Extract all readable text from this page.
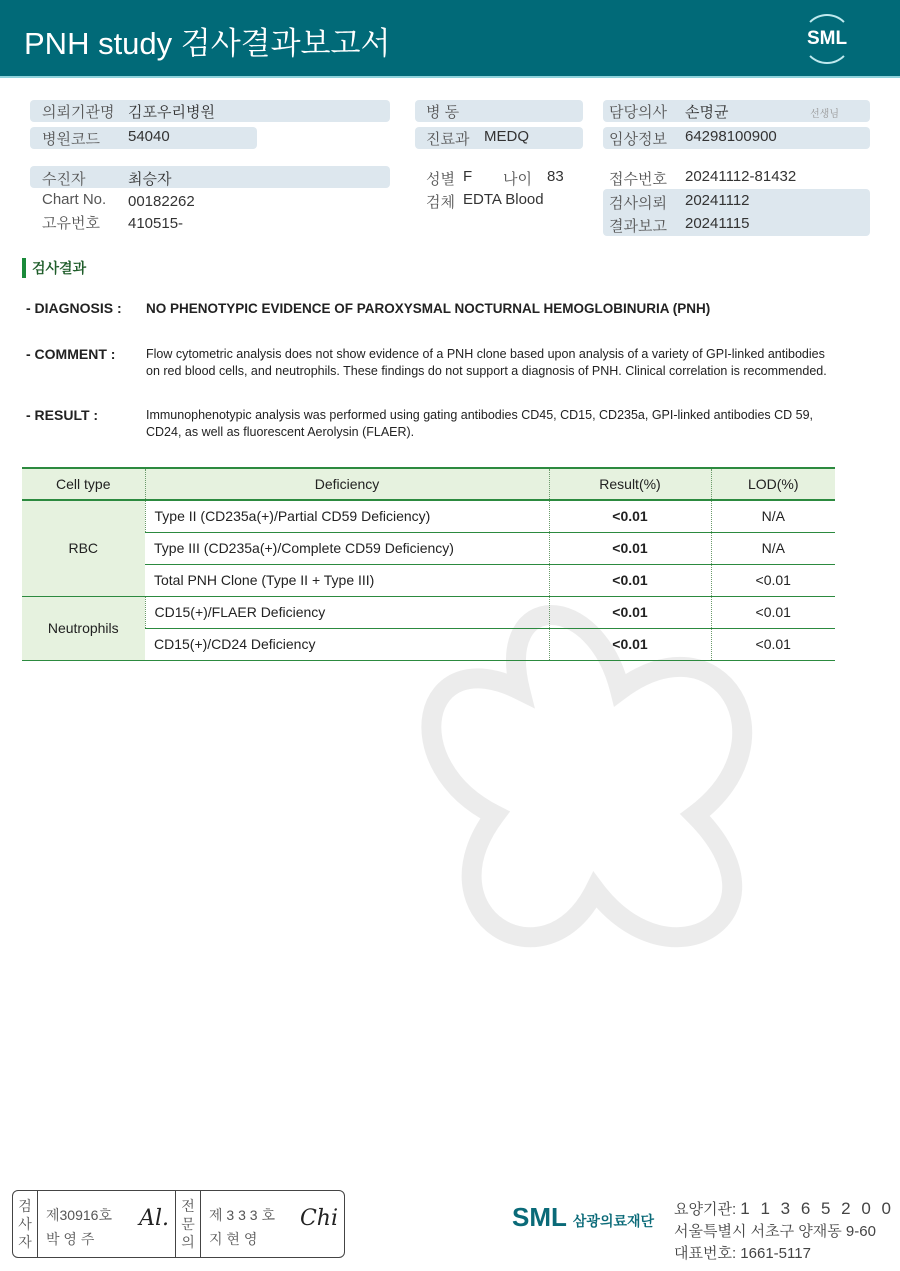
PNH study 검사결과보고서	SML
의뢰기관명 김포우리병원
병원코드 54040
병 동
진료과 MEDQ
담당의사 손명균	선생님
임상정보 64298100900
수진자	최승자
Chart No. 00182262
고유번호 410515-
성별 F 나이 83
검체 EDTA Blood
접수번호 20241112-81432
검사의뢰 20241112
결과보고 20241115
검사결과
- DIAGNOSIS : NO PHENOTYPIC EVIDENCE OF PAROXYSMAL NOCTURNAL HEMOGLOBINURIA (PNH)
- COMMENT : Flow cytometric analysis does not show evidence of a PNH clone based upon analysis of a variety of GPI-linked antibodies on red blood cells, and neutrophils. These findings do not support a diagnosis of PNH. Clinical correlation is recommended.
- RESULT :	Immunophenotypic analysis was performed using gating antibodies CD45, CD15, CD235a, GPI-linked antibodies CD 59, CD24, as well as fluorescent Aerolysin (FLAER).
Cell type	Deficiency	Result(%)	LOD(%)
RBC	Type II (CD235a(+)/Partial CD59 Deficiency)	<0.01	N/A
	Type III (CD235a(+)/Complete CD59 Deficiency)	<0.01	N/A
	Total PNH Clone (Type II + Type III)	<0.01	<0.01
Neutrophils	CD15(+)/FLAER Deficiency	<0.01	<0.01
	CD15(+)/CD24 Deficiency	<0.01	<0.01
검
사
자
제30916호
박 영 주
Al. 전
문
의
제 3 3 3 호
지 현 영
Chi	SML 삼광의료재단
요양기관: 1 1 3 6 5 2 0 0
서울특별시 서초구 양재동 9-60
대표번호: 1661-5117
